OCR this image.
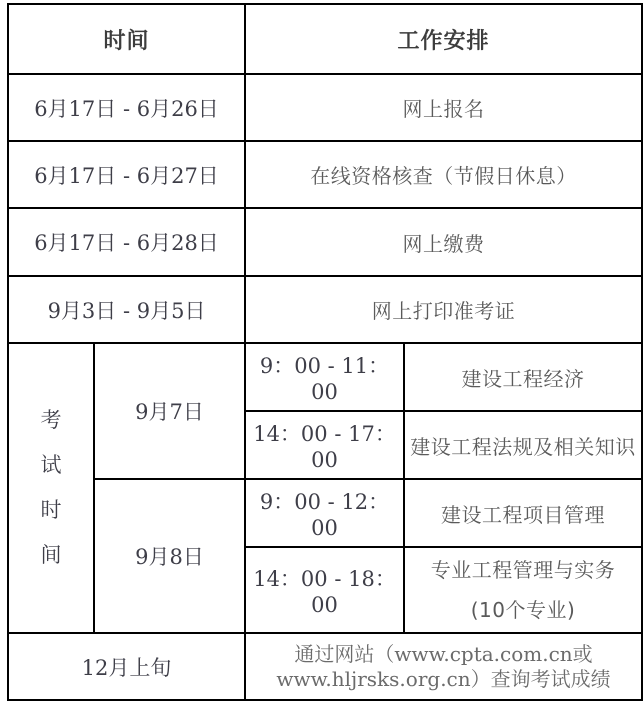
时间		工作安排	
6月17日 - 6月26日		网上报名	
6月17日 - 6月27日		在线资格核查（节假日休息）	
6月17日 - 6月28日		网上缴费	
9月3日 - 9月5日		网上打印准考证	

考试时间	9月7日	9：00 - 11：00	建设工程经济
		14：00 - 17：00	建设工程法规及相关知识
	9月8日	9：00 - 12：00	建设工程项目管理
		14：00 - 18：00	专业工程管理与实务
(10个专业)

12月上旬		通过网站（www.cpta.com.cn或
www.hljrsks.org.cn）查询考试成绩	
